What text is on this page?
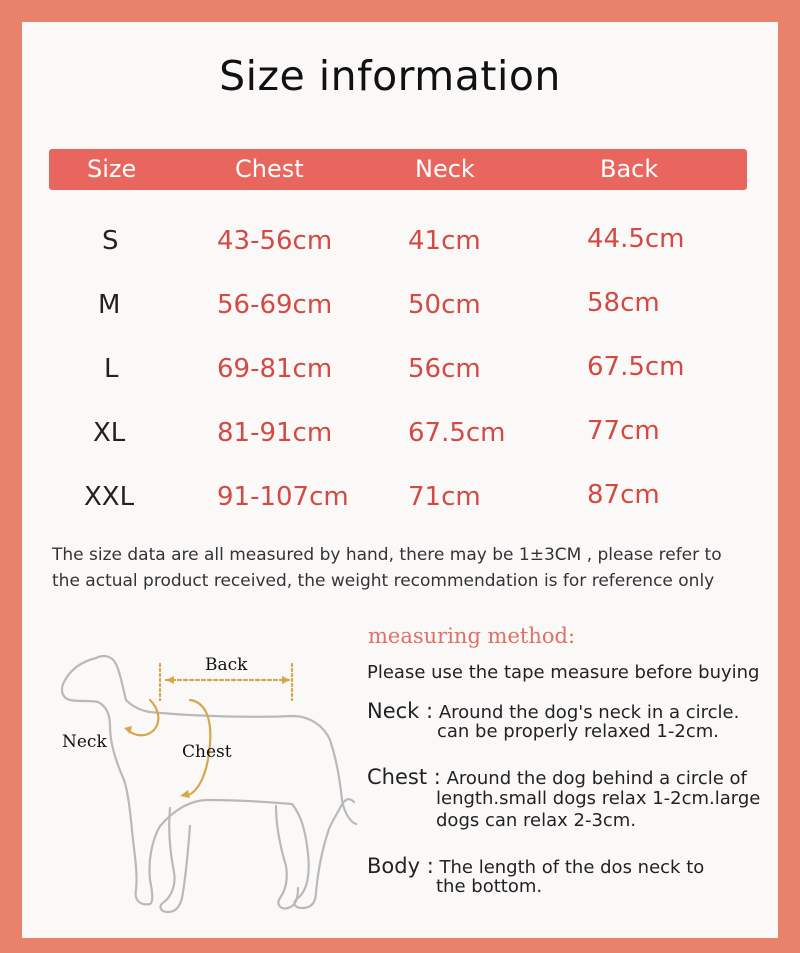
Size information
Size	Chest	Neck	Back
S	43-56cm	41cm	44.5cm
M	56-69cm	50cm	58cm
L	69-81cm	56cm	67.5cm
XL	81-91cm	67.5cm	77cm
XXL	91-107cm 71cm	87cm
The size data are all measured by hand, there may be 1±3CM , please refer to
the actual product received, the weight recommendation is for reference only
Back
Neck	Chest
measuring method:
Please use the tape measure before buying
Neck : Around the dog's neck in a circle.
can be properly relaxed 1-2cm.
Chest : Around the dog behind a circle of
length.small dogs relax 1-2cm.large
dogs can relax 2-3cm.
Body : The length of the dos neck to
the bottom.
